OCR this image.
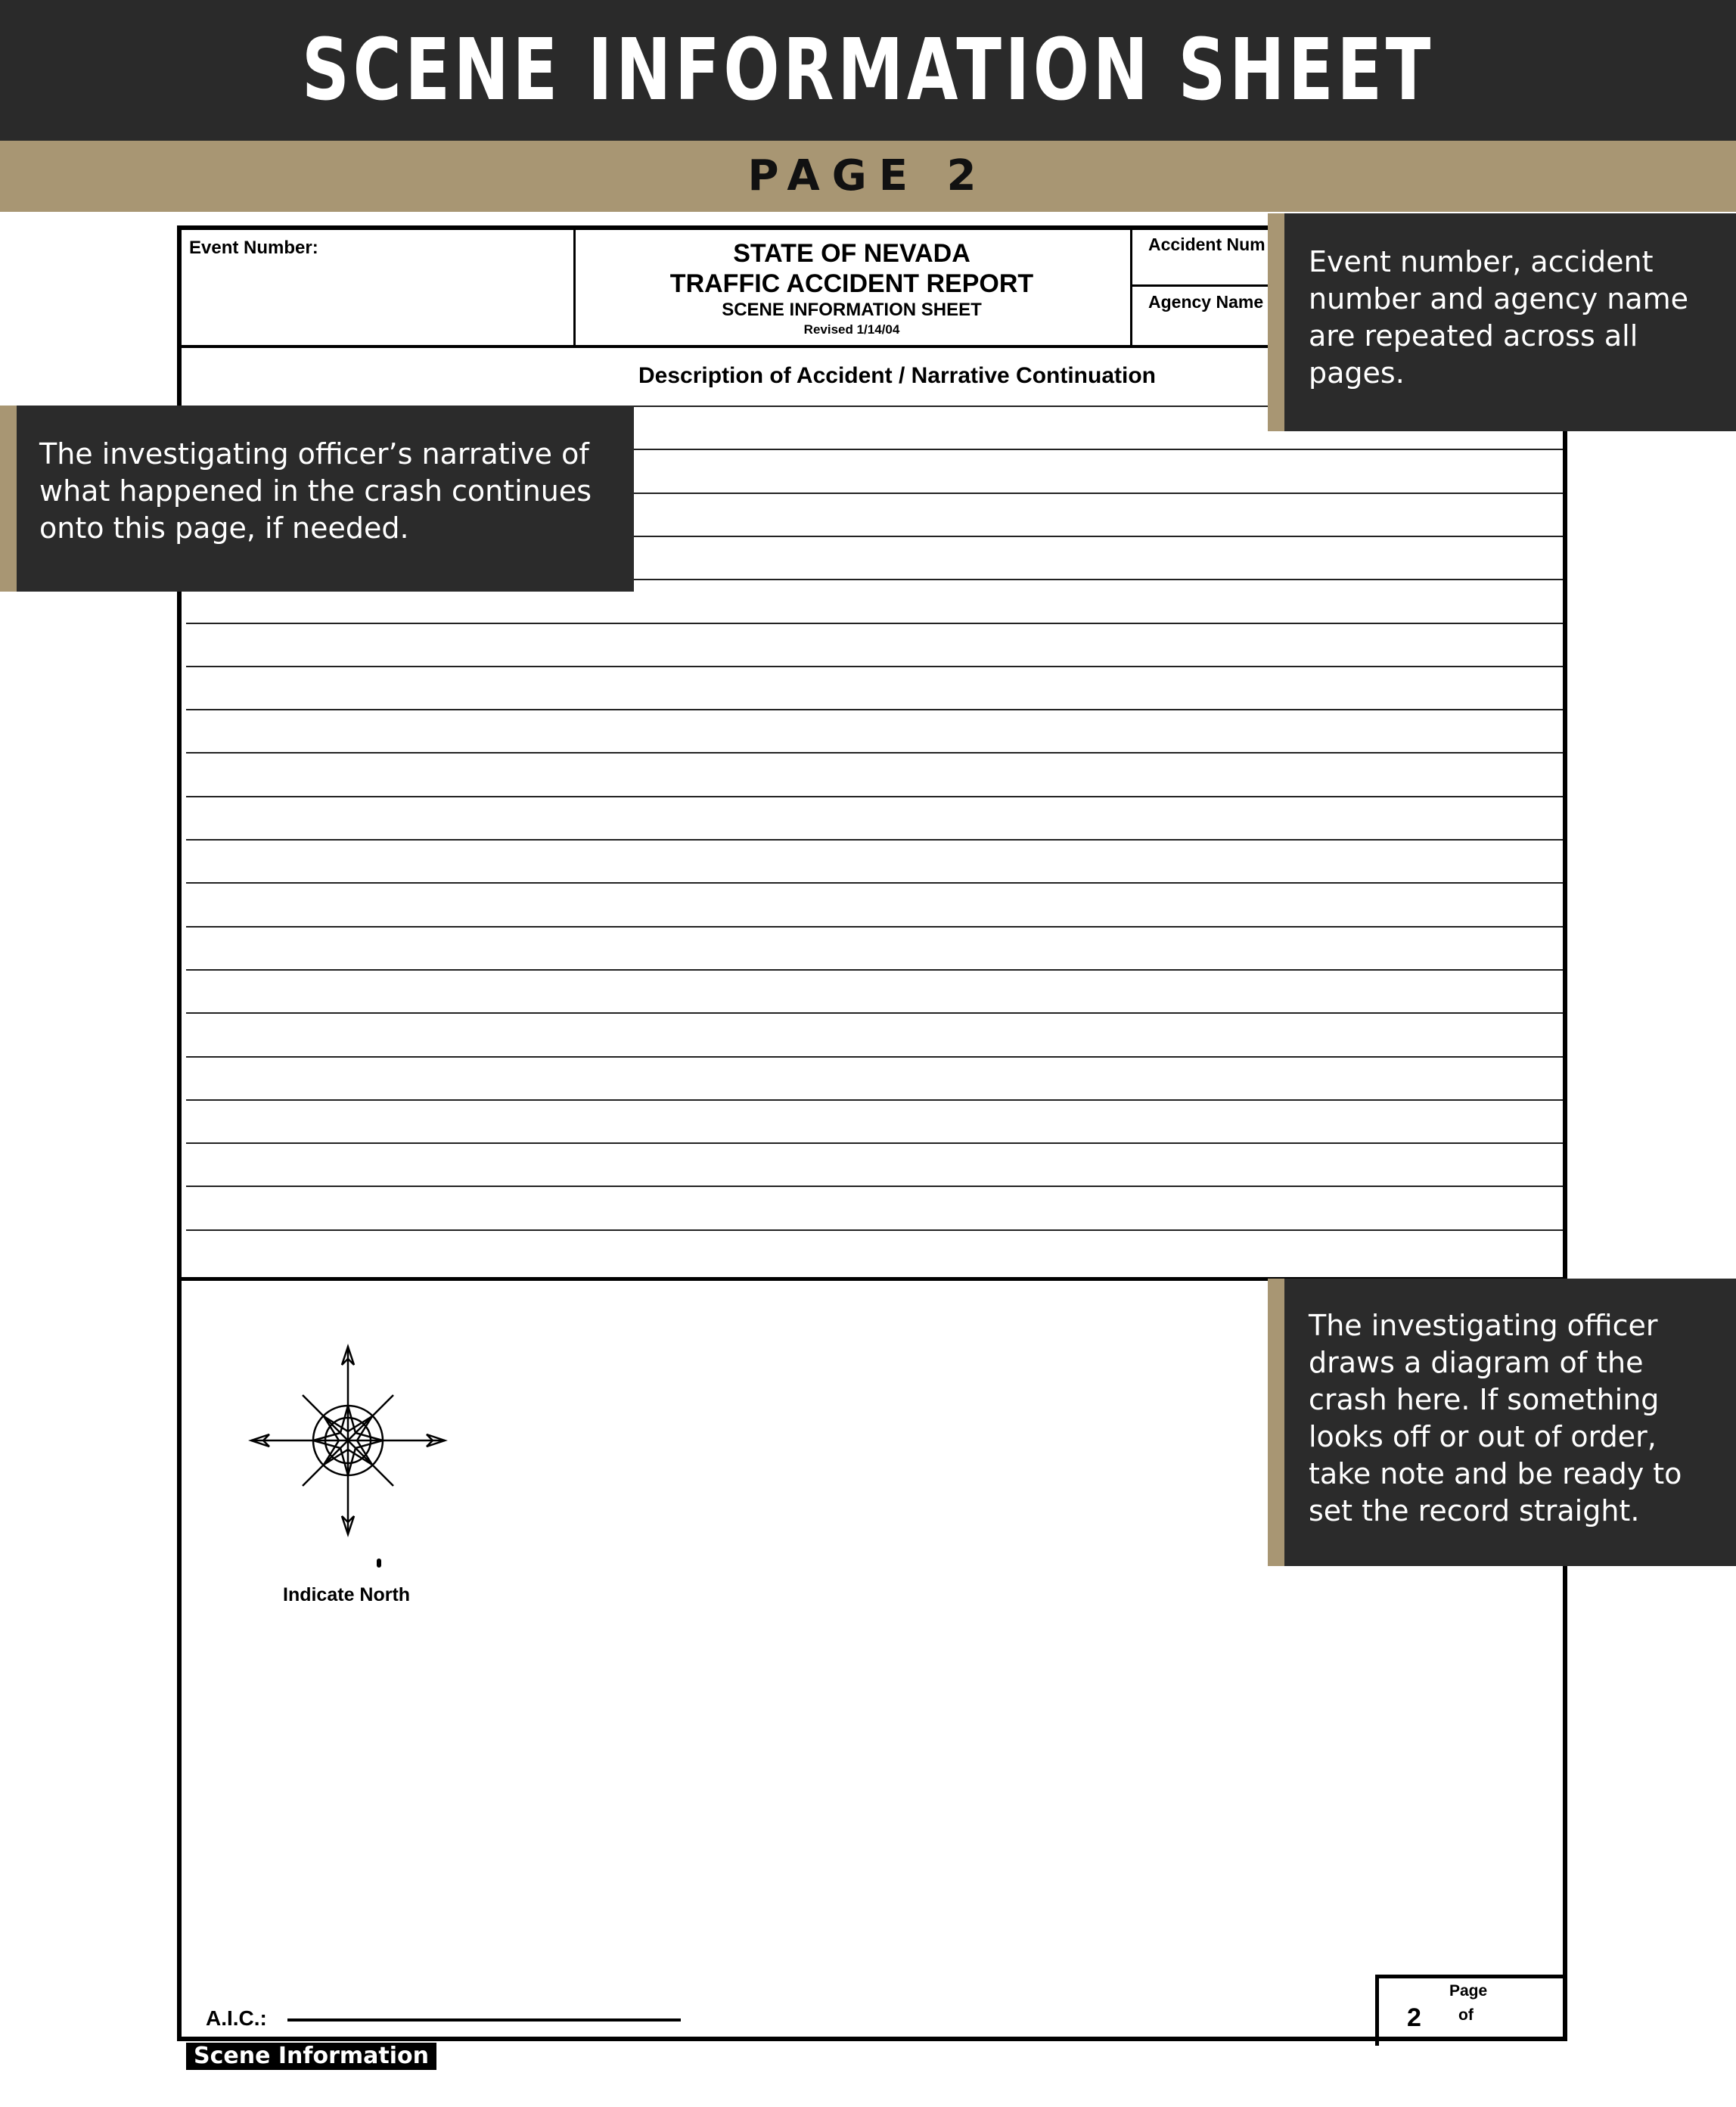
SCENE INFORMATION SHEET
PAGE 2
Event Number:	STATE OF NEVADA
TRAFFIC ACCIDENT REPORT
SCENE INFORMATION SHEET
Revised 1/14/04
Accident Num
Agency Name
Description of Accident / Narrative Continuation
Indicate North
A.I.C.:
Page
2 of
Scene Information
Event number, accident number and agency name are repeated across all pages.
The investigating officer’s narrative of what happened in the crash continues onto this page, if needed.
The investigating officer draws a diagram of the crash here. If something looks off or out of order, take note and be ready to set the record straight.
